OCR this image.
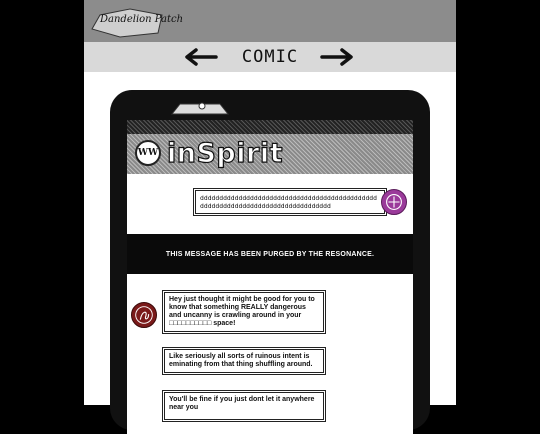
Dandelion Patch
COMIC
WW inSpirit
dddddddddddddddddddddddddddddddddddddddddddddddddddddddddddddddddddddddddddddddd
THIS MESSAGE HAS BEEN PURGED BY THE RESONANCE.
Hey just thought it might be good for you to know that something REALLY dangerous and uncanny is crawling around in your □□□□□□□□□□ space!
Like seriously all sorts of ruinous intent is eminating from that thing shuffling around.
You'll be fine if you just dont let it anywhere near you
